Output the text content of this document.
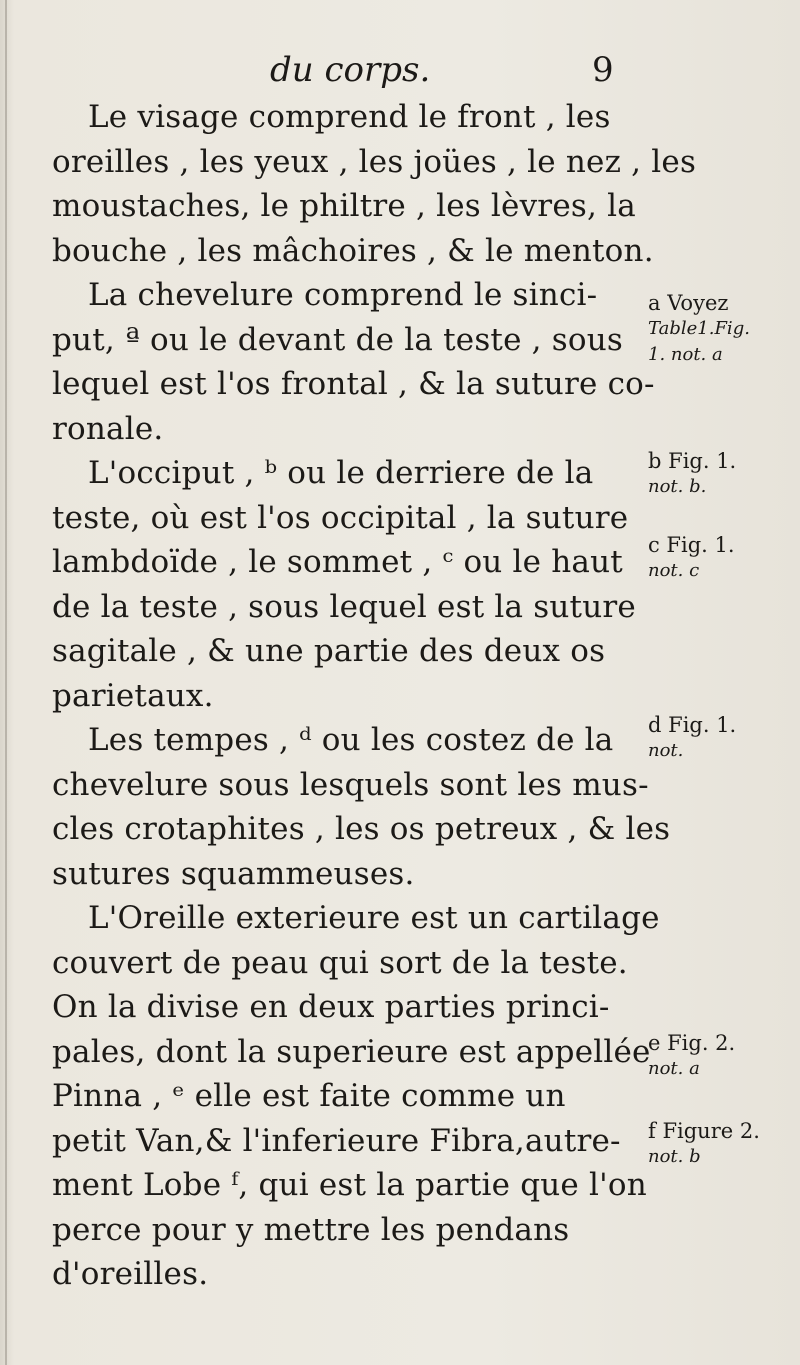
du corps.	9
Le visage comprend le front , les
oreilles , les yeux , les joües , le nez , les
moustaches, le philtre , les lèvres, la
bouche , les mâchoires , & le menton.
La chevelure comprend le sinci-
put, ª ou le devant de la teste , sous
lequel est l'os frontal , & la suture co-
ronale.
L'occiput , ᵇ ou le derriere de la
teste, où est l'os occipital , la suture
lambdoïde , le sommet , ᶜ ou le haut
de la teste , sous lequel est la suture
sagitale , & une partie des deux os
parietaux.
Les tempes , ᵈ ou les costez de la
chevelure sous lesquels sont les mus-
cles crotaphites , les os petreux , & les
sutures squammeuses.
L'Oreille exterieure est un cartilage
couvert de peau qui sort de la teste.
On la divise en deux parties princi-
pales, dont la superieure est appellée
Pinna , ᵉ elle est faite comme un
petit Van,& l'inferieure Fibra,autre-
ment Lobe ᶠ, qui est la partie que l'on
perce pour y mettre les pendans
d'oreilles.
a Voyez
Table1.Fig.
1. not. a
b Fig. 1.
not. b.
c Fig. 1.
not. c
d Fig. 1.
not.
e Fig. 2.
not. a
f Figure 2.
not. b
